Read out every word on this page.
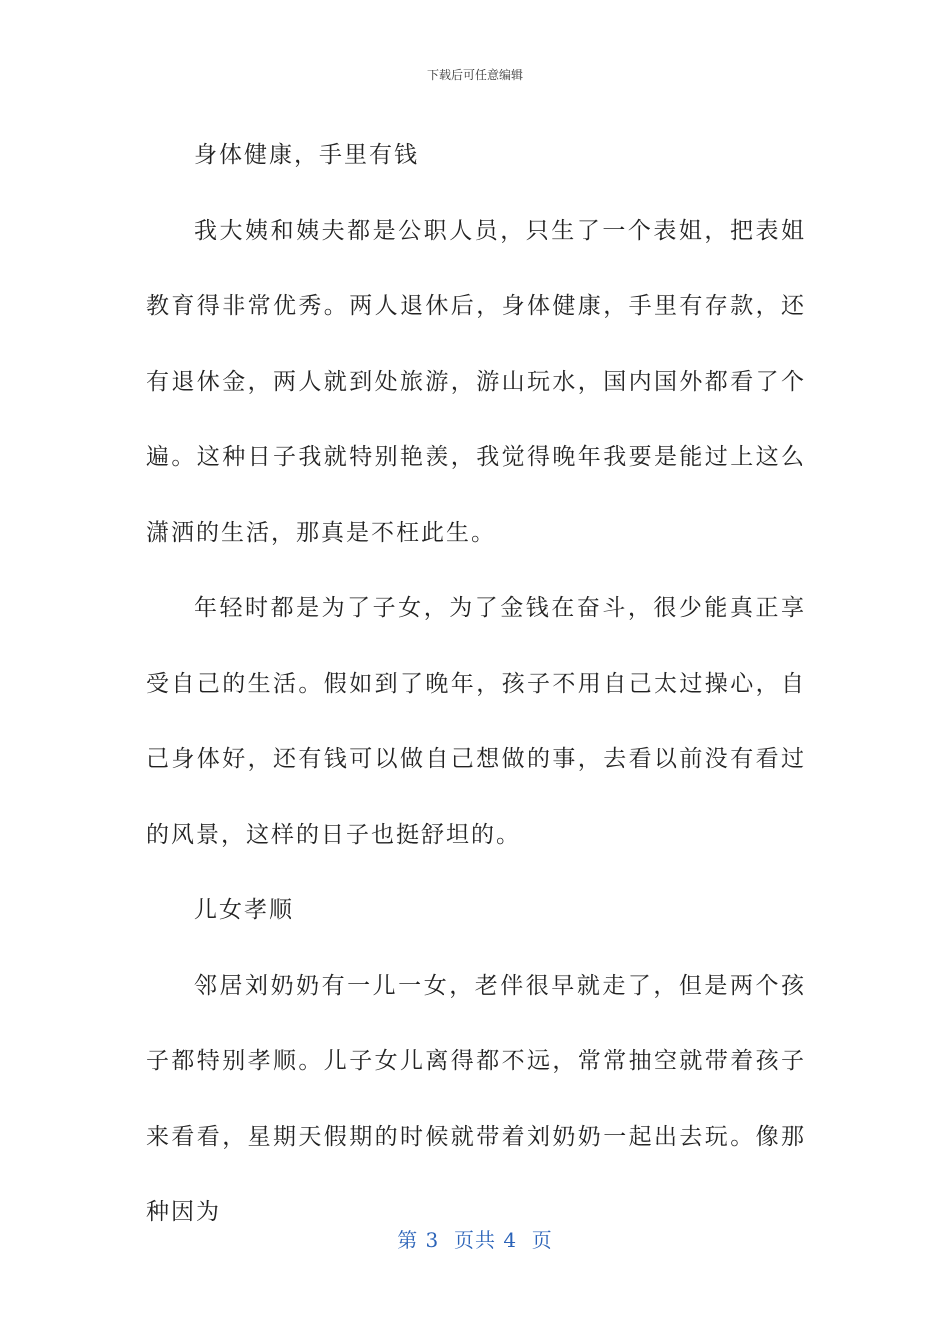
下载后可任意编辑

身体健康，手里有钱

我大姨和姨夫都是公职人员，只生了一个表姐，把表姐教育得非常优秀。两人退休后，身体健康，手里有存款，还有退休金，两人就到处旅游，游山玩水，国内国外都看了个遍。这种日子我就特别艳羡，我觉得晚年我要是能过上这么潇洒的生活，那真是不枉此生。

年轻时都是为了子女，为了金钱在奋斗，很少能真正享受自己的生活。假如到了晚年，孩子不用自己太过操心，自己身体好，还有钱可以做自己想做的事，去看以前没有看过的风景，这样的日子也挺舒坦的。

儿女孝顺

邻居刘奶奶有一儿一女，老伴很早就走了，但是两个孩子都特别孝顺。儿子女儿离得都不远，常常抽空就带着孩子来看看，星期天假期的时候就带着刘奶奶一起出去玩。像那种因为

第 3  页共 4  页
